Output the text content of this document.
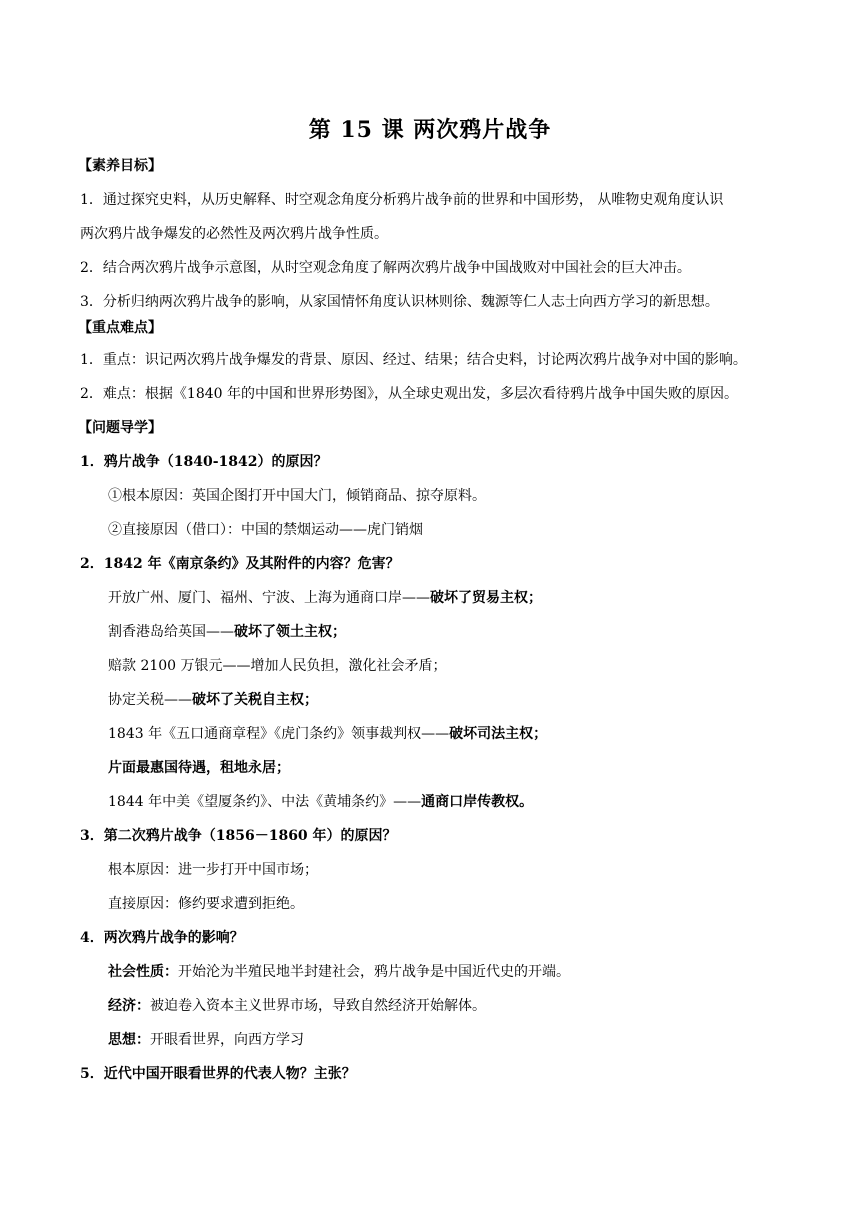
第 15 课 两次鸦片战争
【素养目标】
1．通过探究史料，从历史解释、时空观念角度分析鸦片战争前的世界和中国形势， 从唯物史观角度认识
两次鸦片战争爆发的必然性及两次鸦片战争性质。
2．结合两次鸦片战争示意图，从时空观念角度了解两次鸦片战争中国战败对中国社会的巨大冲击。
3．分析归纳两次鸦片战争的影响，从家国情怀角度认识林则徐、魏源等仁人志士向西方学习的新思想。
【重点难点】
1．重点：识记两次鸦片战争爆发的背景、原因、经过、结果；结合史料，讨论两次鸦片战争对中国的影响。
2．难点：根据《1840 年的中国和世界形势图》，从全球史观出发，多层次看待鸦片战争中国失败的原因。
【问题导学】
1．鸦片战争（1840-1842）的原因？
①根本原因：英国企图打开中国大门，倾销商品、掠夺原料。
②直接原因（借口）：中国的禁烟运动——虎门销烟
2．1842 年《南京条约》及其附件的内容？危害？
开放广州、厦门、福州、宁波、上海为通商口岸——破坏了贸易主权；
割香港岛给英国——破坏了领土主权；
赔款 2100 万银元——增加人民负担，激化社会矛盾；
协定关税——破坏了关税自主权；
1843 年《五口通商章程》《虎门条约》领事裁判权——破坏司法主权；
片面最惠国待遇，租地永居；
1844 年中美《望厦条约》、中法《黄埔条约》——通商口岸传教权。
3．第二次鸦片战争（1856－1860 年）的原因？
根本原因：进一步打开中国市场；
直接原因：修约要求遭到拒绝。
4．两次鸦片战争的影响？
社会性质：开始沦为半殖民地半封建社会，鸦片战争是中国近代史的开端。
经济：被迫卷入资本主义世界市场，导致自然经济开始解体。
思想：开眼看世界，向西方学习
5．近代中国开眼看世界的代表人物？主张？
